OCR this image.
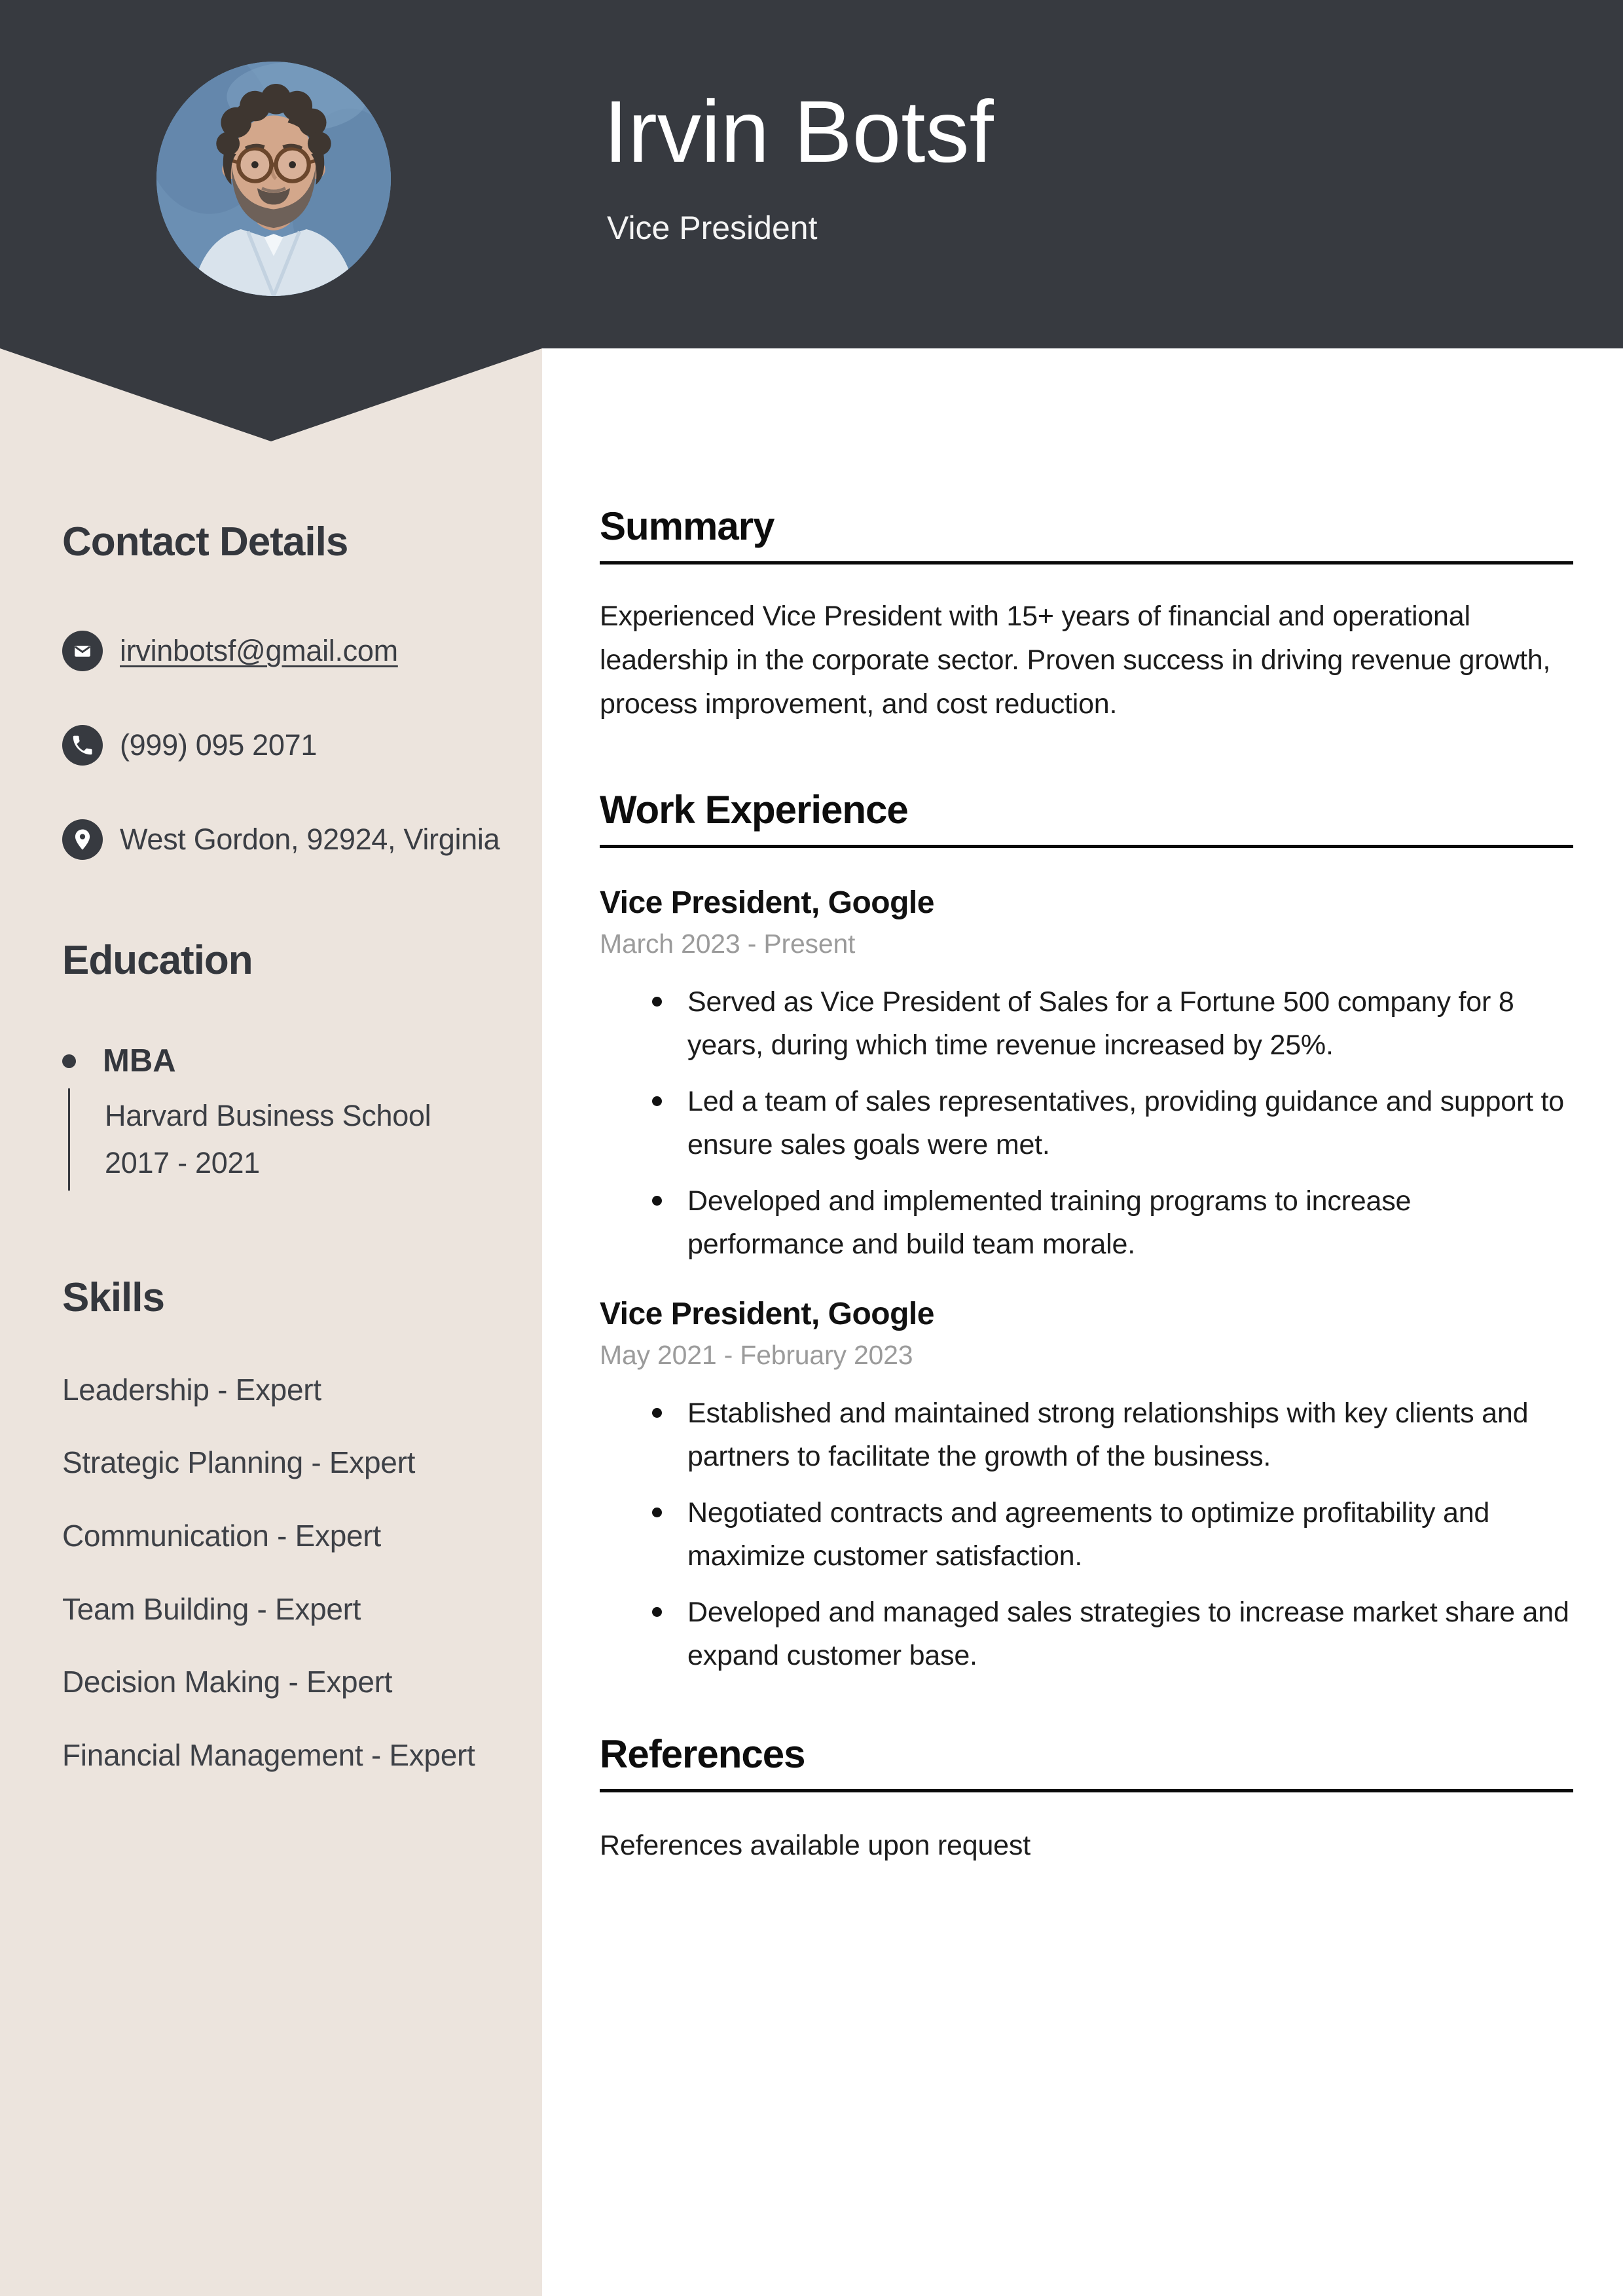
Irvin Botsf
Vice President
Contact Details
irvinbotsf@gmail.com
(999) 095 2071
West Gordon, 92924, Virginia
Education
MBA
Harvard Business School
2017 - 2021
Skills
Leadership - Expert
Strategic Planning - Expert
Communication - Expert
Team Building - Expert
Decision Making - Expert
Financial Management - Expert
Summary

Experienced Vice President with 15+ years of financial and operational leadership in the corporate sector. Proven success in driving revenue growth, process improvement, and cost reduction.

Work Experience
Vice President, Google
March 2023 - Present
Served as Vice President of Sales for a Fortune 500 company for 8 years, during which time revenue increased by 25%.
Led a team of sales representatives, providing guidance and support to ensure sales goals were met.
Developed and implemented training programs to increase performance and build team morale.
Vice President, Google
May 2021 - February 2023
Established and maintained strong relationships with key clients and partners to facilitate the growth of the business.
Negotiated contracts and agreements to optimize profitability and maximize customer satisfaction.
Developed and managed sales strategies to increase market share and expand customer base.
References

References available upon request
